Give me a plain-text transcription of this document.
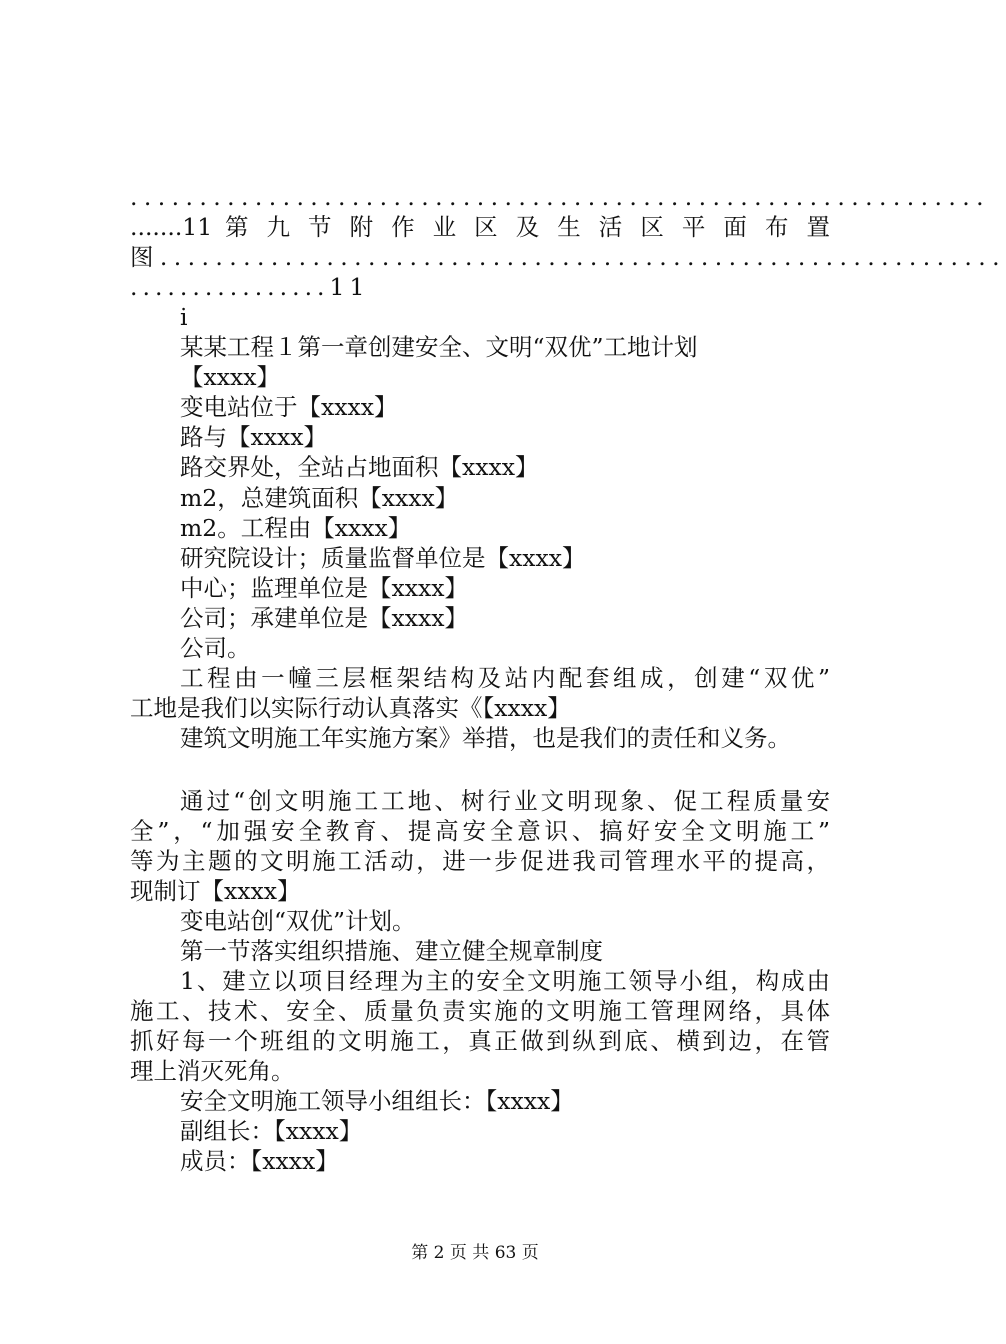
..............................................................
.......11 第 九 节 附 作 业 区 及 生 活 区 平 面 布 置
图.............................................................
................11
i
某某工程１第一章创建安全、文明“双优”工地计划
【xxxx】
变电站位于【xxxx】
路与【xxxx】
路交界处，全站占地面积【xxxx】
m2，总建筑面积【xxxx】
m2。工程由【xxxx】
研究院设计；质量监督单位是【xxxx】
中心；监理单位是【xxxx】
公司；承建单位是【xxxx】
公司。
工程由一幢三层框架结构及站内配套组成，创建“双优”
工地是我们以实际行动认真落实《【xxxx】
建筑文明施工年实施方案》举措，也是我们的责任和义务。
通过“创文明施工工地、树行业文明现象、促工程质量安
全”，“加强安全教育、提高安全意识、搞好安全文明施工”
等为主题的文明施工活动，进一步促进我司管理水平的提高，
现制订【xxxx】
变电站创“双优”计划。
第一节落实组织措施、建立健全规章制度
1、建立以项目经理为主的安全文明施工领导小组，构成由
施工、技术、安全、质量负责实施的文明施工管理网络，具体
抓好每一个班组的文明施工，真正做到纵到底、横到边，在管
理上消灭死角。
安全文明施工领导小组组长：【xxxx】
副组长：【xxxx】
成员：【xxxx】
第 2 页 共 63 页
